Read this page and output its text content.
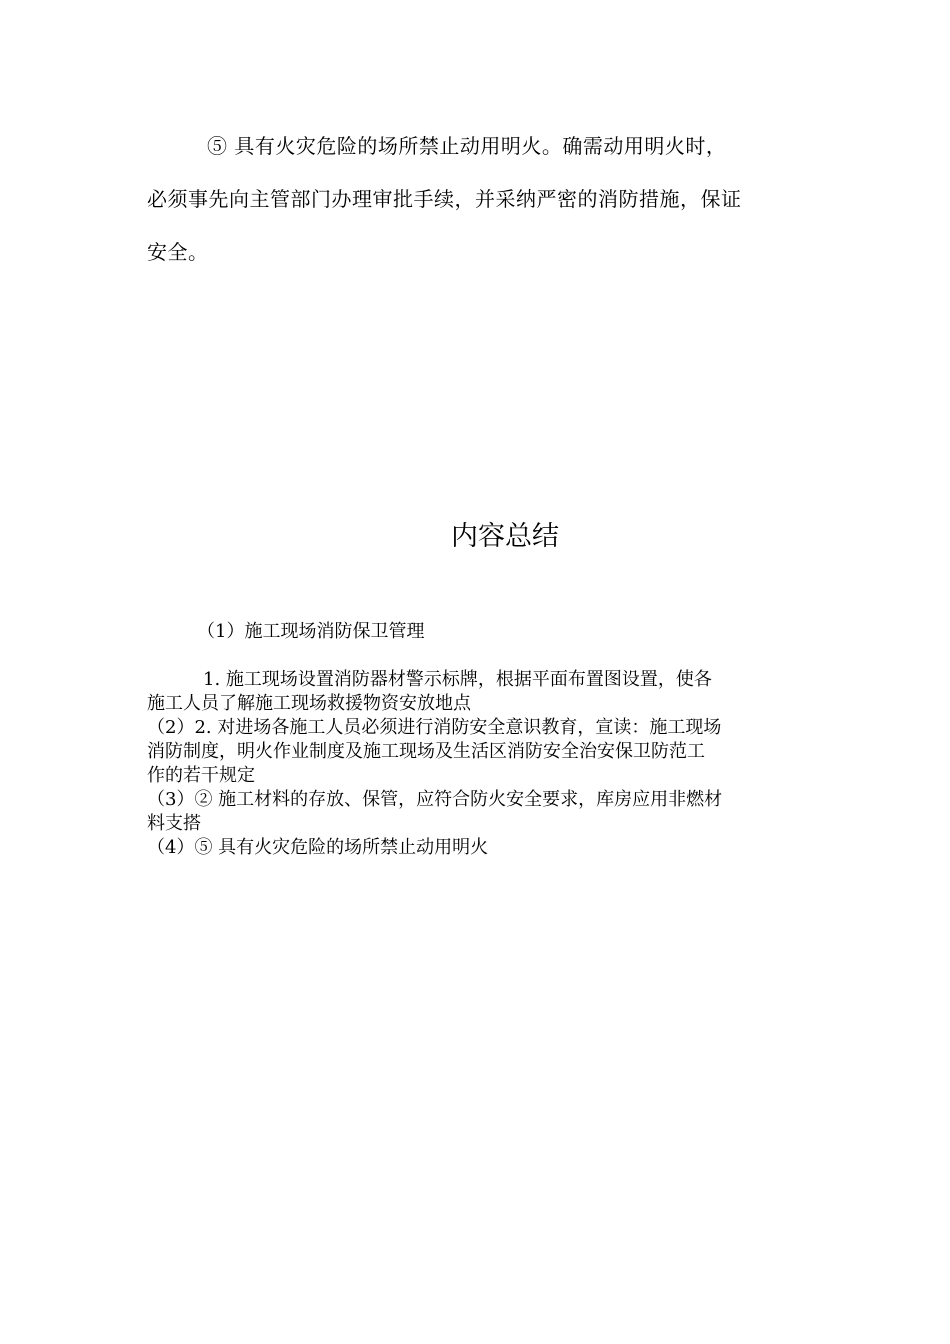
⑤ 具有火灾危险的场所禁止动用明火。确需动用明火时，
必须事先向主管部门办理审批手续，并采纳严密的消防措施，保证
安全。
内容总结
（1）施工现场消防保卫管理
1. 施工现场设置消防器材警示标牌，根据平面布置图设置，使各
施工人员了解施工现场救援物资安放地点
（2）2. 对进场各施工人员必须进行消防安全意识教育，宣读：施工现场
消防制度，明火作业制度及施工现场及生活区消防安全治安保卫防范工
作的若干规定
（3）② 施工材料的存放、保管，应符合防火安全要求，库房应用非燃材
料支搭
（4）⑤ 具有火灾危险的场所禁止动用明火
